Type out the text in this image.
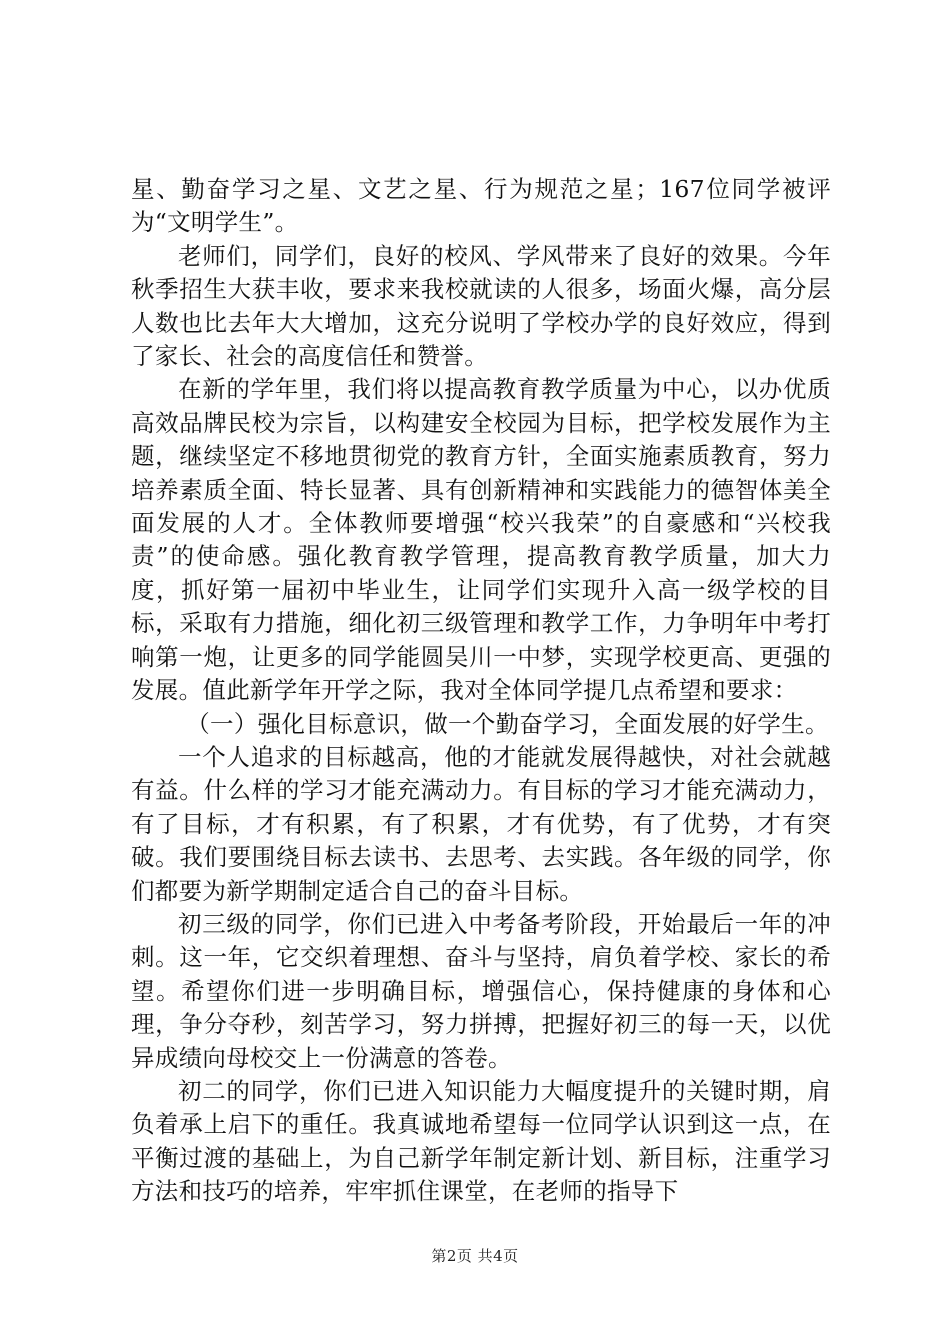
星、勤奋学习之星、文艺之星、行为规范之星；167位同学被评为“文明学生”。

老师们，同学们，良好的校风、学风带来了良好的效果。今年秋季招生大获丰收，要求来我校就读的人很多，场面火爆，高分层人数也比去年大大增加，这充分说明了学校办学的良好效应，得到了家长、社会的高度信任和赞誉。

在新的学年里，我们将以提高教育教学质量为中心，以办优质高效品牌民校为宗旨，以构建安全校园为目标，把学校发展作为主题，继续坚定不移地贯彻党的教育方针，全面实施素质教育，努力培养素质全面、特长显著、具有创新精神和实践能力的德智体美全面发展的人才。全体教师要增强“校兴我荣”的自豪感和“兴校我责”的使命感。强化教育教学管理，提高教育教学质量，加大力度，抓好第一届初中毕业生，让同学们实现升入高一级学校的目标，采取有力措施，细化初三级管理和教学工作，力争明年中考打响第一炮，让更多的同学能圆吴川一中梦，实现学校更高、更强的发展。值此新学年开学之际，我对全体同学提几点希望和要求：

（一）强化目标意识，做一个勤奋学习，全面发展的好学生。

一个人追求的目标越高，他的才能就发展得越快，对社会就越有益。什么样的学习才能充满动力。有目标的学习才能充满动力，有了目标，才有积累，有了积累，才有优势，有了优势，才有突破。我们要围绕目标去读书、去思考、去实践。各年级的同学，你们都要为新学期制定适合自己的奋斗目标。

初三级的同学，你们已进入中考备考阶段，开始最后一年的冲刺。这一年，它交织着理想、奋斗与坚持，肩负着学校、家长的希望。希望你们进一步明确目标，增强信心，保持健康的身体和心理，争分夺秒，刻苦学习，努力拼搏，把握好初三的每一天，以优异成绩向母校交上一份满意的答卷。

初二的同学，你们已进入知识能力大幅度提升的关键时期，肩负着承上启下的重任。我真诚地希望每一位同学认识到这一点，在平衡过渡的基础上，为自己新学年制定新计划、新目标，注重学习方法和技巧的培养，牢牢抓住课堂，在老师的指导下

第2页 共4页
